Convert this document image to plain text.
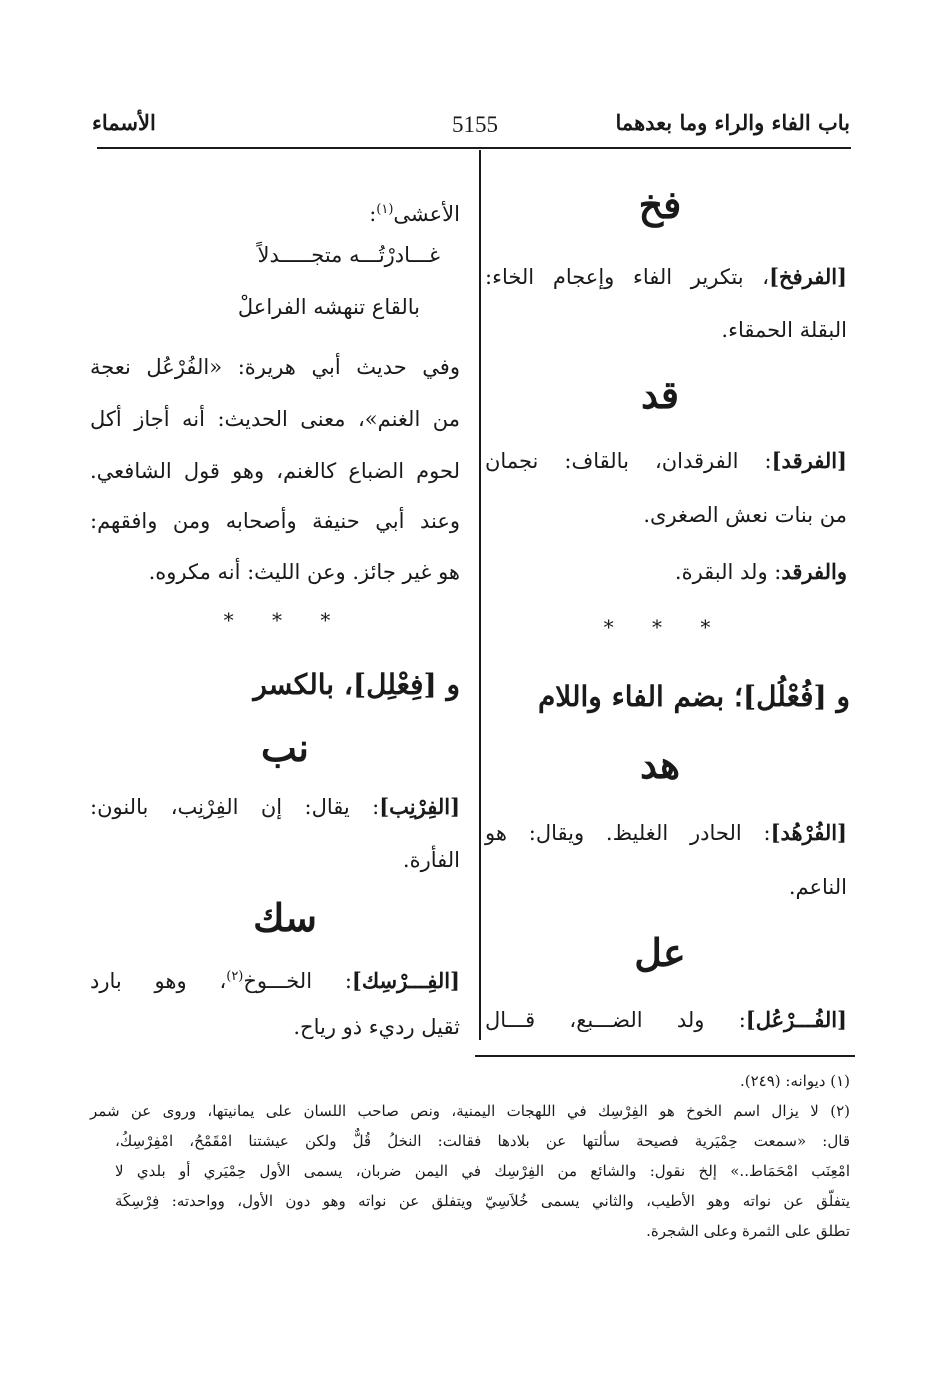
باب الفاء والراء وما بعدهما
5155
الأسماء
فخ
[الفرفخ]، بتكرير الفاء وإعجام الخاء:
البقلة الحمقاء.
قد
[الفرقد]: الفرقدان، بالقاف: نجمان
من بنات نعش الصغرى.
والفرقد: ولد البقرة.
* * *
و [فُعْلُل]؛ بضم الفاء واللام
هد
[الفُرْهُد]: الحادر الغليظ. ويقال: هو
الناعم.
عل
[الفُـــرْعُل]: ولد الضـــبع، قـــال
الأعشى$^{(١)}$:
غـــادرْتُـــه متجـــــدلاً
بالقاع تنهشه الفراعلْ
وفي حديث أبي هريرة: «الفُرْعُل نعجة
من الغنم»، معنى الحديث: أنه أجاز أكل
لحوم الضباع كالغنم، وهو قول الشافعي.
وعند أبي حنيفة وأصحابه ومن وافقهم:
هو غير جائز. وعن الليث: أنه مكروه.
* * *
و [فِعْلِل]، بالكسر
نب
[الفِرْنِب]: يقال: إن الفِرْنِب، بالنون:
الفأرة.
سك
[الفِـــرْسِك]: الخـــوخ$^{(٢)}$، وهو بارد
ثقيل رديء ذو رياح.
(١) ديوانه: (٢٤٩).
(٢) لا يزال اسم الخوخ هو الفِرْسِك في اللهجات اليمنية، ونص صاحب اللسان على يمانيتها، وروى عن شمر
قال: «سمعت حِمْيَرية فصيحة سألتها عن بلادها فقالت: النخلُ قُلٌّ ولكن عيشتنا امْقَمْحُ، امْفِرْسِكُ،
امْعِنَب امْحَمَاط..» إلخ نقول: والشائع من الفِرْسِك في اليمن ضربان، يسمى الأول حِمْيَري أو بلدي لا
يتفلّق عن نواته وهو الأطيب، والثاني يسمى خُلاَسِيّ ويتفلق عن نواته وهو دون الأول، وواحدته: فِرْسِكَة
تطلق على الثمرة وعلى الشجرة.
